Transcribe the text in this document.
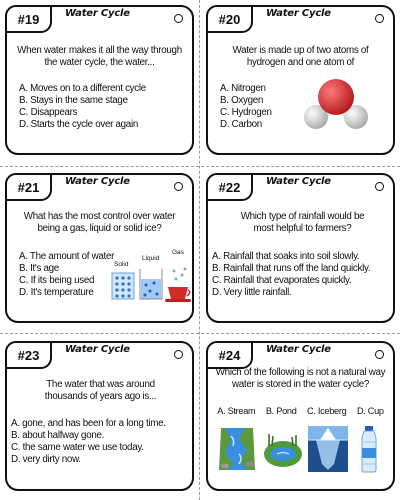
#19	Water Cycle
When water makes it all the way through the water cycle, the water...
A. Moves on to a different cycle
B. Stays in the same stage
C. Disappears
D. Starts the cycle over again
#20	Water Cycle
Water is made up of two atoms of hydrogen and one atom of
A. Nitrogen
B. Oxygen
C. Hydrogen
D. Carbon
#21	Water Cycle
What has the most control over water being a gas, liquid or solid ice?
A. The amount of water
B. It's age
C. If its being used
D. It's temperature
Solid
Liquid
Gas
#22	Water Cycle
Which type of rainfall would be most helpful to farmers?
A. Rainfall that soaks into soil slowly.
B. Rainfall that runs off the land quickly.
C. Rainfall that evaporates quickly.
D. Very little rainfall.
#23	Water Cycle
The water that was around thousands of years ago is...
A. gone, and has been for a long time.
B. about halfway gone.
C. the same water we use today.
D. very dirty now.
#24	Water Cycle
Which of the following is not a natural way water is stored in the water cycle?
A. Stream B. Pond C. Iceberg D. Cup
